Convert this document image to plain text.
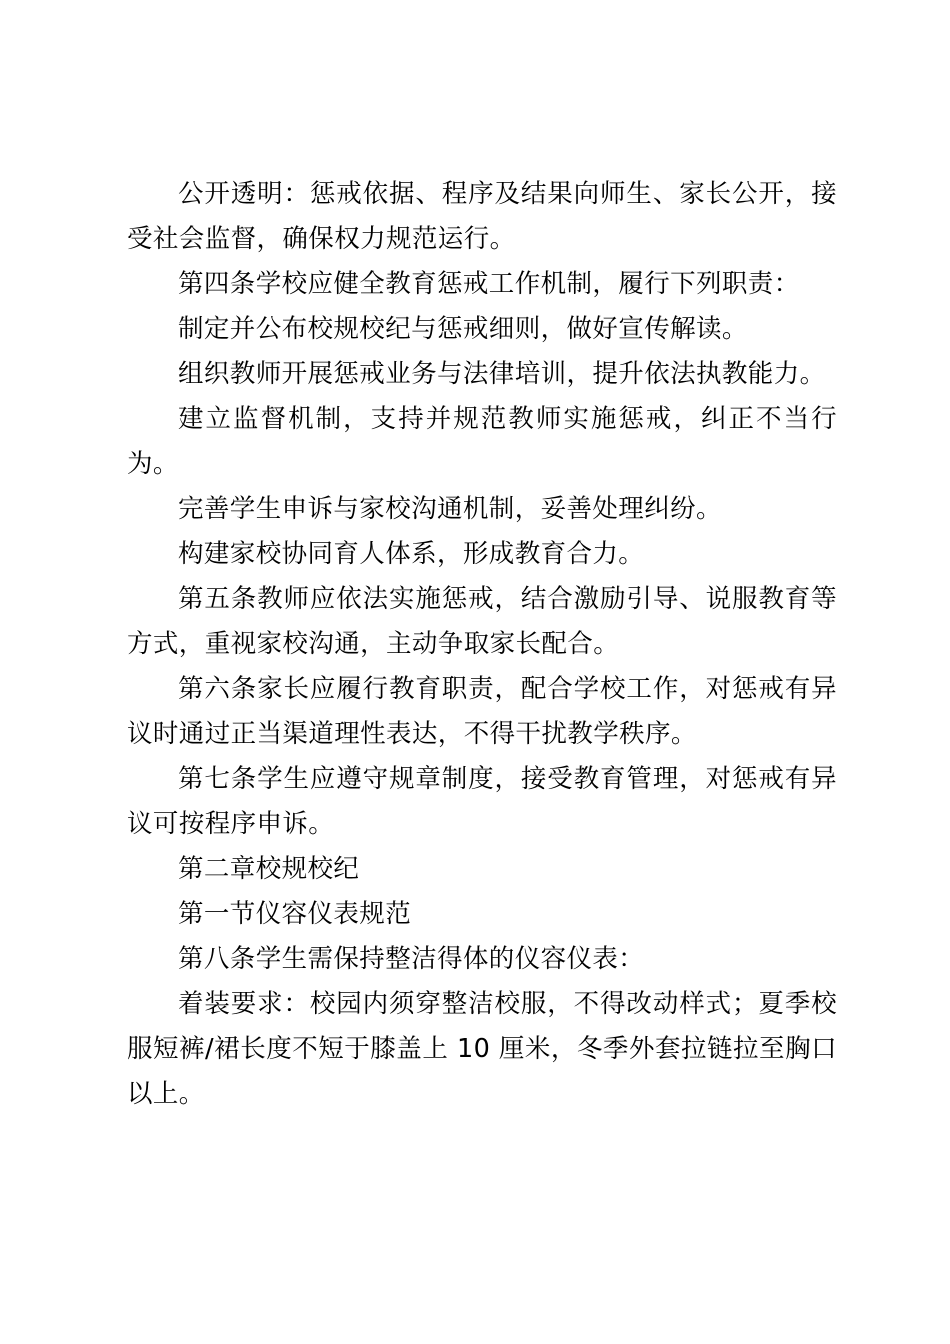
公开透明：惩戒依据、程序及结果向师生、家长公开，接受社会监督，确保权力规范运行。

第四条学校应健全教育惩戒工作机制，履行下列职责：

制定并公布校规校纪与惩戒细则，做好宣传解读。

组织教师开展惩戒业务与法律培训，提升依法执教能力。

建立监督机制，支持并规范教师实施惩戒，纠正不当行为。

完善学生申诉与家校沟通机制，妥善处理纠纷。

构建家校协同育人体系，形成教育合力。

第五条教师应依法实施惩戒，结合激励引导、说服教育等方式，重视家校沟通，主动争取家长配合。

第六条家长应履行教育职责，配合学校工作，对惩戒有异议时通过正当渠道理性表达，不得干扰教学秩序。

第七条学生应遵守规章制度，接受教育管理，对惩戒有异议可按程序申诉。

第二章校规校纪

第一节仪容仪表规范

第八条学生需保持整洁得体的仪容仪表：

着装要求：校园内须穿整洁校服，不得改动样式；夏季校服短裤/裙长度不短于膝盖上 10 厘米，冬季外套拉链拉至胸口以上。
